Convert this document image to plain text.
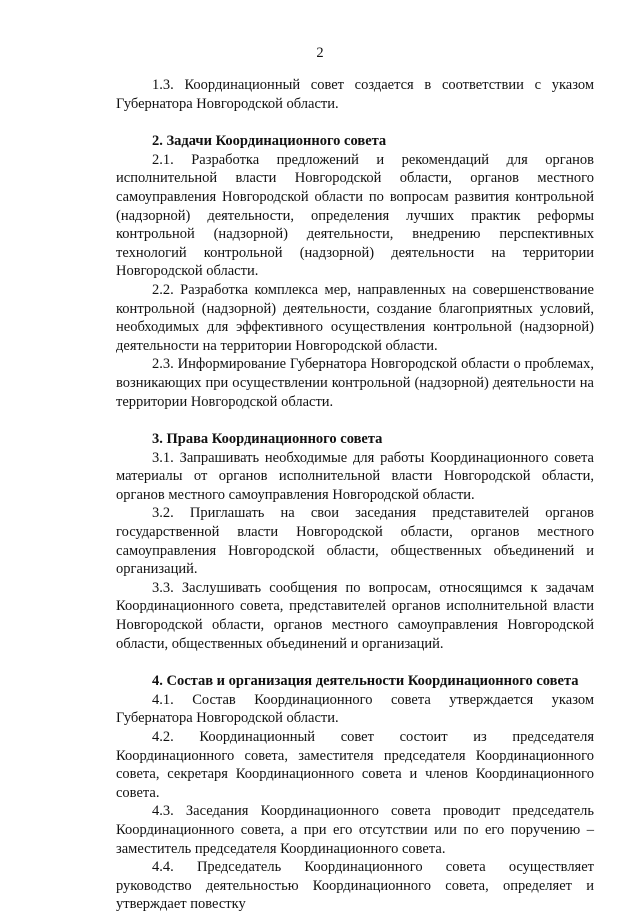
2

1.3. Координационный совет создается в соответствии с указом Губернатора Новгородской области.

2. Задачи Координационного совета

2.1. Разработка предложений и рекомендаций для органов исполнительной власти Новгородской области, органов местного самоуправления Новгородской области по вопросам развития контрольной (надзорной) деятельности, определения лучших практик реформы контрольной (надзорной) деятельности, внедрению перспективных технологий контрольной (надзорной) деятельности на территории Новгородской области.

2.2. Разработка комплекса мер, направленных на совершенствование контрольной (надзорной) деятельности, создание благоприятных условий, необходимых для эффективного осуществления контрольной (надзорной) деятельности на территории Новгородской области.

2.3. Информирование Губернатора Новгородской области о проблемах, возникающих при осуществлении контрольной (надзорной) деятельности на территории Новгородской области.

3. Права Координационного совета

3.1. Запрашивать необходимые для работы Координационного совета материалы от органов исполнительной власти Новгородской области, органов местного самоуправления Новгородской области.

3.2. Приглашать на свои заседания представителей органов государственной власти Новгородской области, органов местного самоуправления Новгородской области, общественных объединений и организаций.

3.3. Заслушивать сообщения по вопросам, относящимся к задачам Координационного совета, представителей органов исполнительной власти Новгородской области, органов местного самоуправления Новгородской области, общественных объединений и организаций.

4. Состав и организация деятельности Координационного совета

4.1. Состав Координационного совета утверждается указом Губернатора Новгородской области.

4.2. Координационный совет состоит из председателя Координационного совета, заместителя председателя Координационного совета, секретаря Координационного совета и членов Координационного совета.

4.3. Заседания Координационного совета проводит председатель Координационного совета, а при его отсутствии или по его поручению – заместитель председателя Координационного совета.

4.4. Председатель Координационного совета осуществляет руководство деятельностью Координационного совета, определяет и утверждает повестку
